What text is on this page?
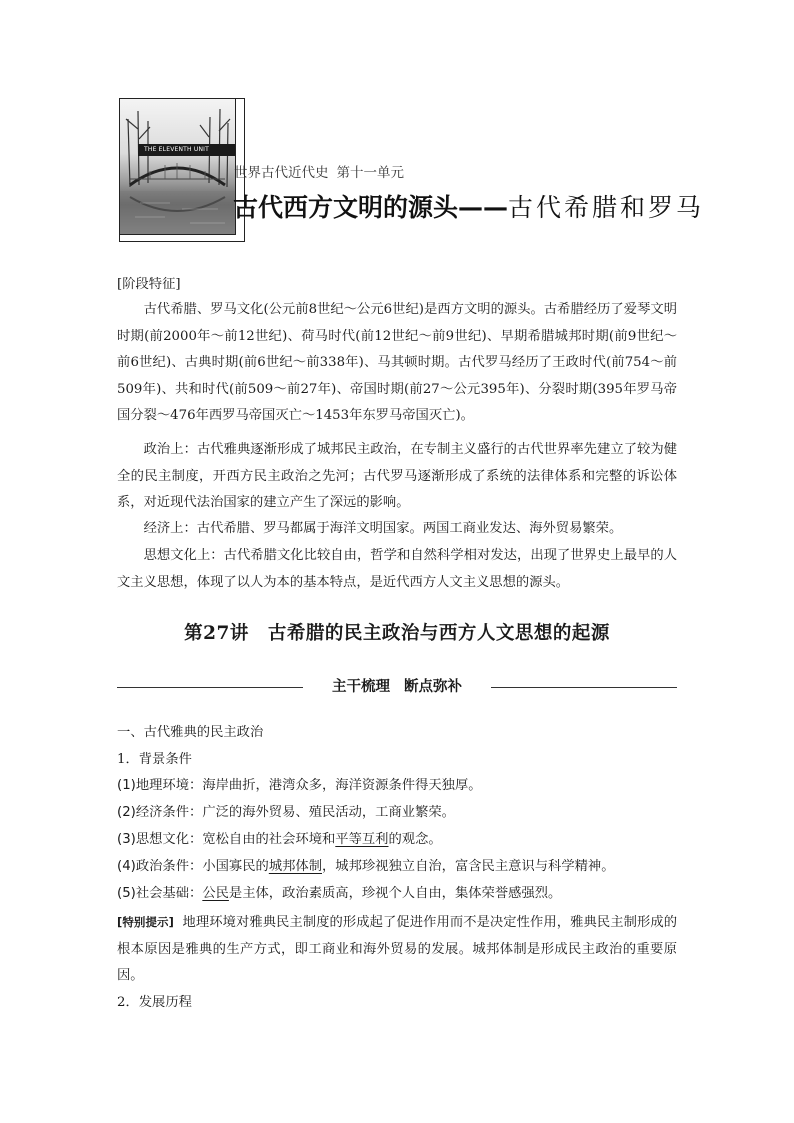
THE ELEVENTH UNIT
世界古代近代史 第十一单元
古代西方文明的源头——古代希腊和罗马
[阶段特征]

古代希腊、罗马文化(公元前8世纪～公元6世纪)是西方文明的源头。古希腊经历了爱琴文明时期(前2000年～前12世纪)、荷马时代(前12世纪～前9世纪)、早期希腊城邦时期(前9世纪～前6世纪)、古典时期(前6世纪～前338年)、马其顿时期。古代罗马经历了王政时代(前754～前509年)、共和时代(前509～前27年)、帝国时期(前27～公元395年)、分裂时期(395年罗马帝国分裂～476年西罗马帝国灭亡～1453年东罗马帝国灭亡)。

政治上：古代雅典逐渐形成了城邦民主政治，在专制主义盛行的古代世界率先建立了较为健全的民主制度，开西方民主政治之先河；古代罗马逐渐形成了系统的法律体系和完整的诉讼体系，对近现代法治国家的建立产生了深远的影响。

经济上：古代希腊、罗马都属于海洋文明国家。两国工商业发达、海外贸易繁荣。

思想文化上：古代希腊文化比较自由，哲学和自然科学相对发达，出现了世界史上最早的人文主义思想，体现了以人为本的基本特点，是近代西方人文主义思想的源头。

第27讲　古希腊的民主政治与西方人文思想的起源
主干梳理 断点弥补

一、古代雅典的民主政治

1．背景条件

(1)地理环境：海岸曲折，港湾众多，海洋资源条件得天独厚。

(2)经济条件：广泛的海外贸易、殖民活动，工商业繁荣。

(3)思想文化：宽松自由的社会环境和平等互利的观念。

(4)政治条件：小国寡民的城邦体制，城邦珍视独立自治，富含民主意识与科学精神。

(5)社会基础：公民是主体，政治素质高，珍视个人自由，集体荣誉感强烈。

[特别提示] 地理环境对雅典民主制度的形成起了促进作用而不是决定性作用，雅典民主制形成的根本原因是雅典的生产方式，即工商业和海外贸易的发展。城邦体制是形成民主政治的重要原因。

2．发展历程
